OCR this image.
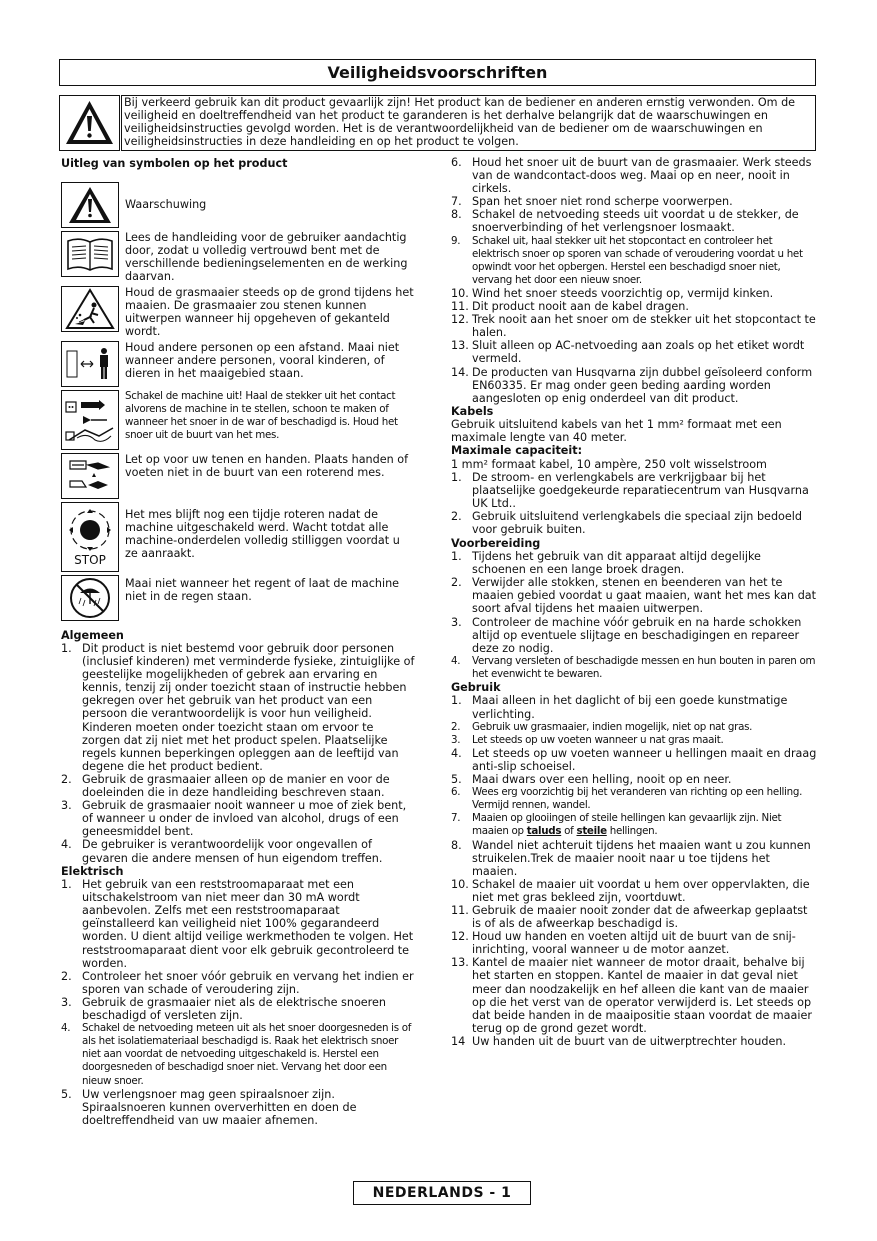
Veiligheidsvoorschriften
Bij verkeerd gebruik kan dit product gevaarlijk zijn! Het product kan de bediener en anderen ernstig verwonden. Om de veiligheid en doeltreffendheid van het product te garanderen is het derhalve belangrijk dat de waarschuwingen en veiligheidsinstructies gevolgd worden. Het is de verantwoordelijkheid van de bediener om de waarschuwingen en veiligheidsinstructies in deze handleiding en op het product te volgen.
Uitleg van symbolen op het product
Waarschuwing
Lees de handleiding voor de gebruiker aandachtig door, zodat u volledig vertrouwd bent met de verschillende bedieningselementen en de werking daarvan.
Houd de grasmaaier steeds op de grond tijdens het maaien. De grasmaaier zou stenen kunnen uitwerpen wanneer hij opgeheven of gekanteld wordt.
Houd andere personen op een afstand. Maai niet wanneer andere personen, vooral kinderen, of dieren in het maaigebied staan.
Schakel de machine uit! Haal de stekker uit het contact alvorens de machine in te stellen, schoon te maken of wanneer het snoer in de war of beschadigd is. Houd het snoer uit de buurt van het mes.
Let op voor uw tenen en handen. Plaats handen of voeten niet in de buurt van een roterend mes.
STOP
Het mes blijft nog een tijdje roteren nadat de machine uitgeschakeld werd. Wacht totdat alle machine-onderdelen volledig stilliggen voordat u ze aanraakt.
Maai niet wanneer het regent of laat de machine niet in de regen staan.
Algemeen
1. Dit product is niet bestemd voor gebruik door personen (inclusief kinderen) met verminderde fysieke, zintuiglijke of geestelijke mogelijkheden of gebrek aan ervaring en kennis, tenzij zij onder toezicht staan of instructie hebben gekregen over het gebruik van het product van een persoon die verantwoordelijk is voor hun veiligheid. Kinderen moeten onder toezicht staan om ervoor te zorgen dat zij niet met het product spelen. Plaatselijke regels kunnen beperkingen opleggen aan de leeftijd van degene die het product bedient.
2. Gebruik de grasmaaier alleen op de manier en voor de doeleinden die in deze handleiding beschreven staan.
3. Gebruik de grasmaaier nooit wanneer u moe of ziek bent, of wanneer u onder de invloed van alcohol, drugs of een geneesmiddel bent.
4. De gebruiker is verantwoordelijk voor ongevallen of gevaren die andere mensen of hun eigendom treffen.
Elektrisch
1. Het gebruik van een reststroomaparaat met een uitschakelstroom van niet meer dan 30 mA wordt aanbevolen. Zelfs met een reststroomaparaat geïnstalleerd kan veiligheid niet 100% gegarandeerd worden. U dient altijd veilige werkmethoden te volgen. Het reststroomaparaat dient voor elk gebruik gecontroleerd te worden.
2. Controleer het snoer vóór gebruik en vervang het indien er sporen van schade of veroudering zijn.
3. Gebruik de grasmaaier niet als de elektrische snoeren beschadigd of versleten zijn.
4. Schakel de netvoeding meteen uit als het snoer doorgesneden is of als het isolatiemateriaal beschadigd is. Raak het elektrisch snoer niet aan voordat de netvoeding uitgeschakeld is. Herstel een doorgesneden of beschadigd snoer niet. Vervang het door een nieuw snoer.
5. Uw verlengsnoer mag geen spiraalsnoer zijn. Spiraalsnoeren kunnen oververhitten en doen de doeltreffendheid van uw maaier afnemen.
6. Houd het snoer uit de buurt van de grasmaaier. Werk steeds van de wandcontact-doos weg. Maai op en neer, nooit in cirkels.
7. Span het snoer niet rond scherpe voorwerpen.
8. Schakel de netvoeding steeds uit voordat u de stekker, de snoerverbinding of het verlengsnoer losmaakt.
9. Schakel uit, haal stekker uit het stopcontact en controleer het elektrisch snoer op sporen van schade of veroudering voordat u het opwindt voor het opbergen. Herstel een beschadigd snoer niet, vervang het door een nieuw snoer.
10. Wind het snoer steeds voorzichtig op, vermijd kinken.
11. Dit product nooit aan de kabel dragen.
12. Trek nooit aan het snoer om de stekker uit het stopcontact te halen.
13. Sluit alleen op AC-netvoeding aan zoals op het etiket wordt vermeld.
14. De producten van Husqvarna zijn dubbel geïsoleerd conform EN60335. Er mag onder geen beding aarding worden aangesloten op enig onderdeel van dit product.
Kabels

Gebruik uitsluitend kabels van het 1 mm² formaat met een maximale lengte van 40 meter.

Maximale capaciteit:

1 mm² formaat kabel, 10 ampère, 250 volt wisselstroom

1. De stroom- en verlengkabels are verkrijgbaar bij het plaatselijke goedgekeurde reparatiecentrum van Husqvarna UK Ltd..
2. Gebruik uitsluitend verlengkabels die speciaal zijn bedoeld voor gebruik buiten.
Voorbereiding
1. Tijdens het gebruik van dit apparaat altijd degelijke schoenen en een lange broek dragen.
2. Verwijder alle stokken, stenen en beenderen van het te maaien gebied voordat u gaat maaien, want het mes kan dat soort afval tijdens het maaien uitwerpen.
3. Controleer de machine vóór gebruik en na harde schokken altijd op eventuele slijtage en beschadigingen en repareer deze zo nodig.
4. Vervang versleten of beschadigde messen en hun bouten in paren om het evenwicht te bewaren.
Gebruik
1. Maai alleen in het daglicht of bij een goede kunstmatige verlichting.
2. Gebruik uw grasmaaier, indien mogelijk, niet op nat gras.
3. Let steeds op uw voeten wanneer u nat gras maait.
4. Let steeds op uw voeten wanneer u hellingen maait en draag anti-slip schoeisel.
5. Maai dwars over een helling, nooit op en neer.
6. Wees erg voorzichtig bij het veranderen van richting op een helling. Vermijd rennen, wandel.
7. Maaien op glooiingen of steile hellingen kan gevaarlijk zijn. Niet maaien op taluds of steile hellingen.
8. Wandel niet achteruit tijdens het maaien want u zou kunnen struikelen.Trek de maaier nooit naar u toe tijdens het maaien.
10. Schakel de maaier uit voordat u hem over oppervlakten, die niet met gras bekleed zijn, voortduwt.
11. Gebruik de maaier nooit zonder dat de afweerkap geplaatst is of als de afweerkap beschadigd is.
12. Houd uw handen en voeten altijd uit de buurt van de snij-inrichting, vooral wanneer u de motor aanzet.
13. Kantel de maaier niet wanneer de motor draait, behalve bij het starten en stoppen. Kantel de maaier in dat geval niet meer dan noodzakelijk en hef alleen die kant van de maaier op die het verst van de operator verwijderd is. Let steeds op dat beide handen in de maaipositie staan voordat de maaier terug op de grond gezet wordt.
14 Uw handen uit de buurt van de uitwerptrechter houden.
NEDERLANDS - 1
